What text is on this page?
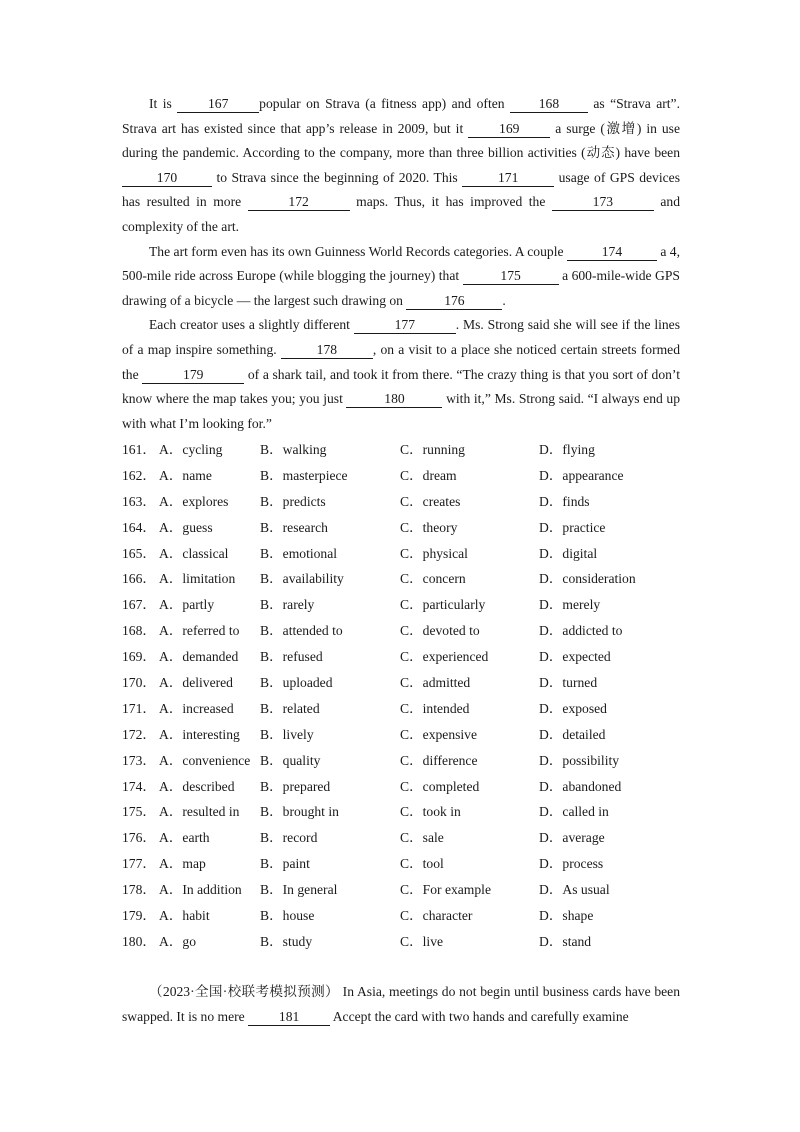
It is 167 popular on Strava (a fitness app) and often 168 as “Strava art”. Strava art has existed since that app’s release in 2009, but it 169 a surge (激增) in use during the pandemic. According to the company, more than three billion activities (动态) have been 170	to Strava since the beginning of 2020. This	171	usage of GPS devices has resulted in more	172	maps. Thus, it has improved the	173	and complexity of the art.

The art form even has its own Guinness World Records categories. A couple	174	a 4, 500-mile ride across Europe (while blogging the journey) that	175	a 600-mile-wide GPS drawing of a bicycle — the largest such drawing on	176	.

Each creator uses a slightly different	177	. Ms. Strong said she will see if the lines of a map inspire something.	178	, on a visit to a place she noticed certain streets formed the	179	of a shark tail, and took it from there. “The crazy thing is that you sort of don’t know where the map takes you; you just	180	with it,” Ms. Strong said. “I always end up with what I’m looking for.”

161． A．cycling	B．walking	C．running	D．flying
162． A．name	B．masterpiece	C．dream	D．appearance
163． A．explores B．predicts	C．creates	D．finds
164． A．guess	B．research	C．theory	D．practice
165． A．classical B．emotional	C．physical	D．digital
166． A．limitation B．availability	C．concern	D．consideration
167． A．partly	B．rarely	C．particularly	D．merely
168． A．referred to B．attended to	C．devoted to	D．addicted to
169． A．demanded B．refused	C．experienced	D．expected
170． A．delivered B．uploaded	C．admitted	D．turned
171． A．increased B．related	C．intended	D．exposed
172． A．interesting B．lively	C．expensive	D．detailed
173． A．convenience B．quality	C．difference	D．possibility
174． A．described B．prepared	C．completed	D．abandoned
175． A．resulted in B．brought in	C．took in	D．called in
176． A．earth	B．record	C．sale	D．average
177． A．map	B．paint	C．tool	D．process
178． A．In addition B．In general	C．For example	D．As usual
179． A．habit	B．house	C．character	D．shape
180． A．go	B．study	C．live	D．stand

（2023·全国·校联考模拟预测） In Asia, meetings do not begin until business cards have been swapped. It is no mere 181 Accept the card with two hands and carefully examine
